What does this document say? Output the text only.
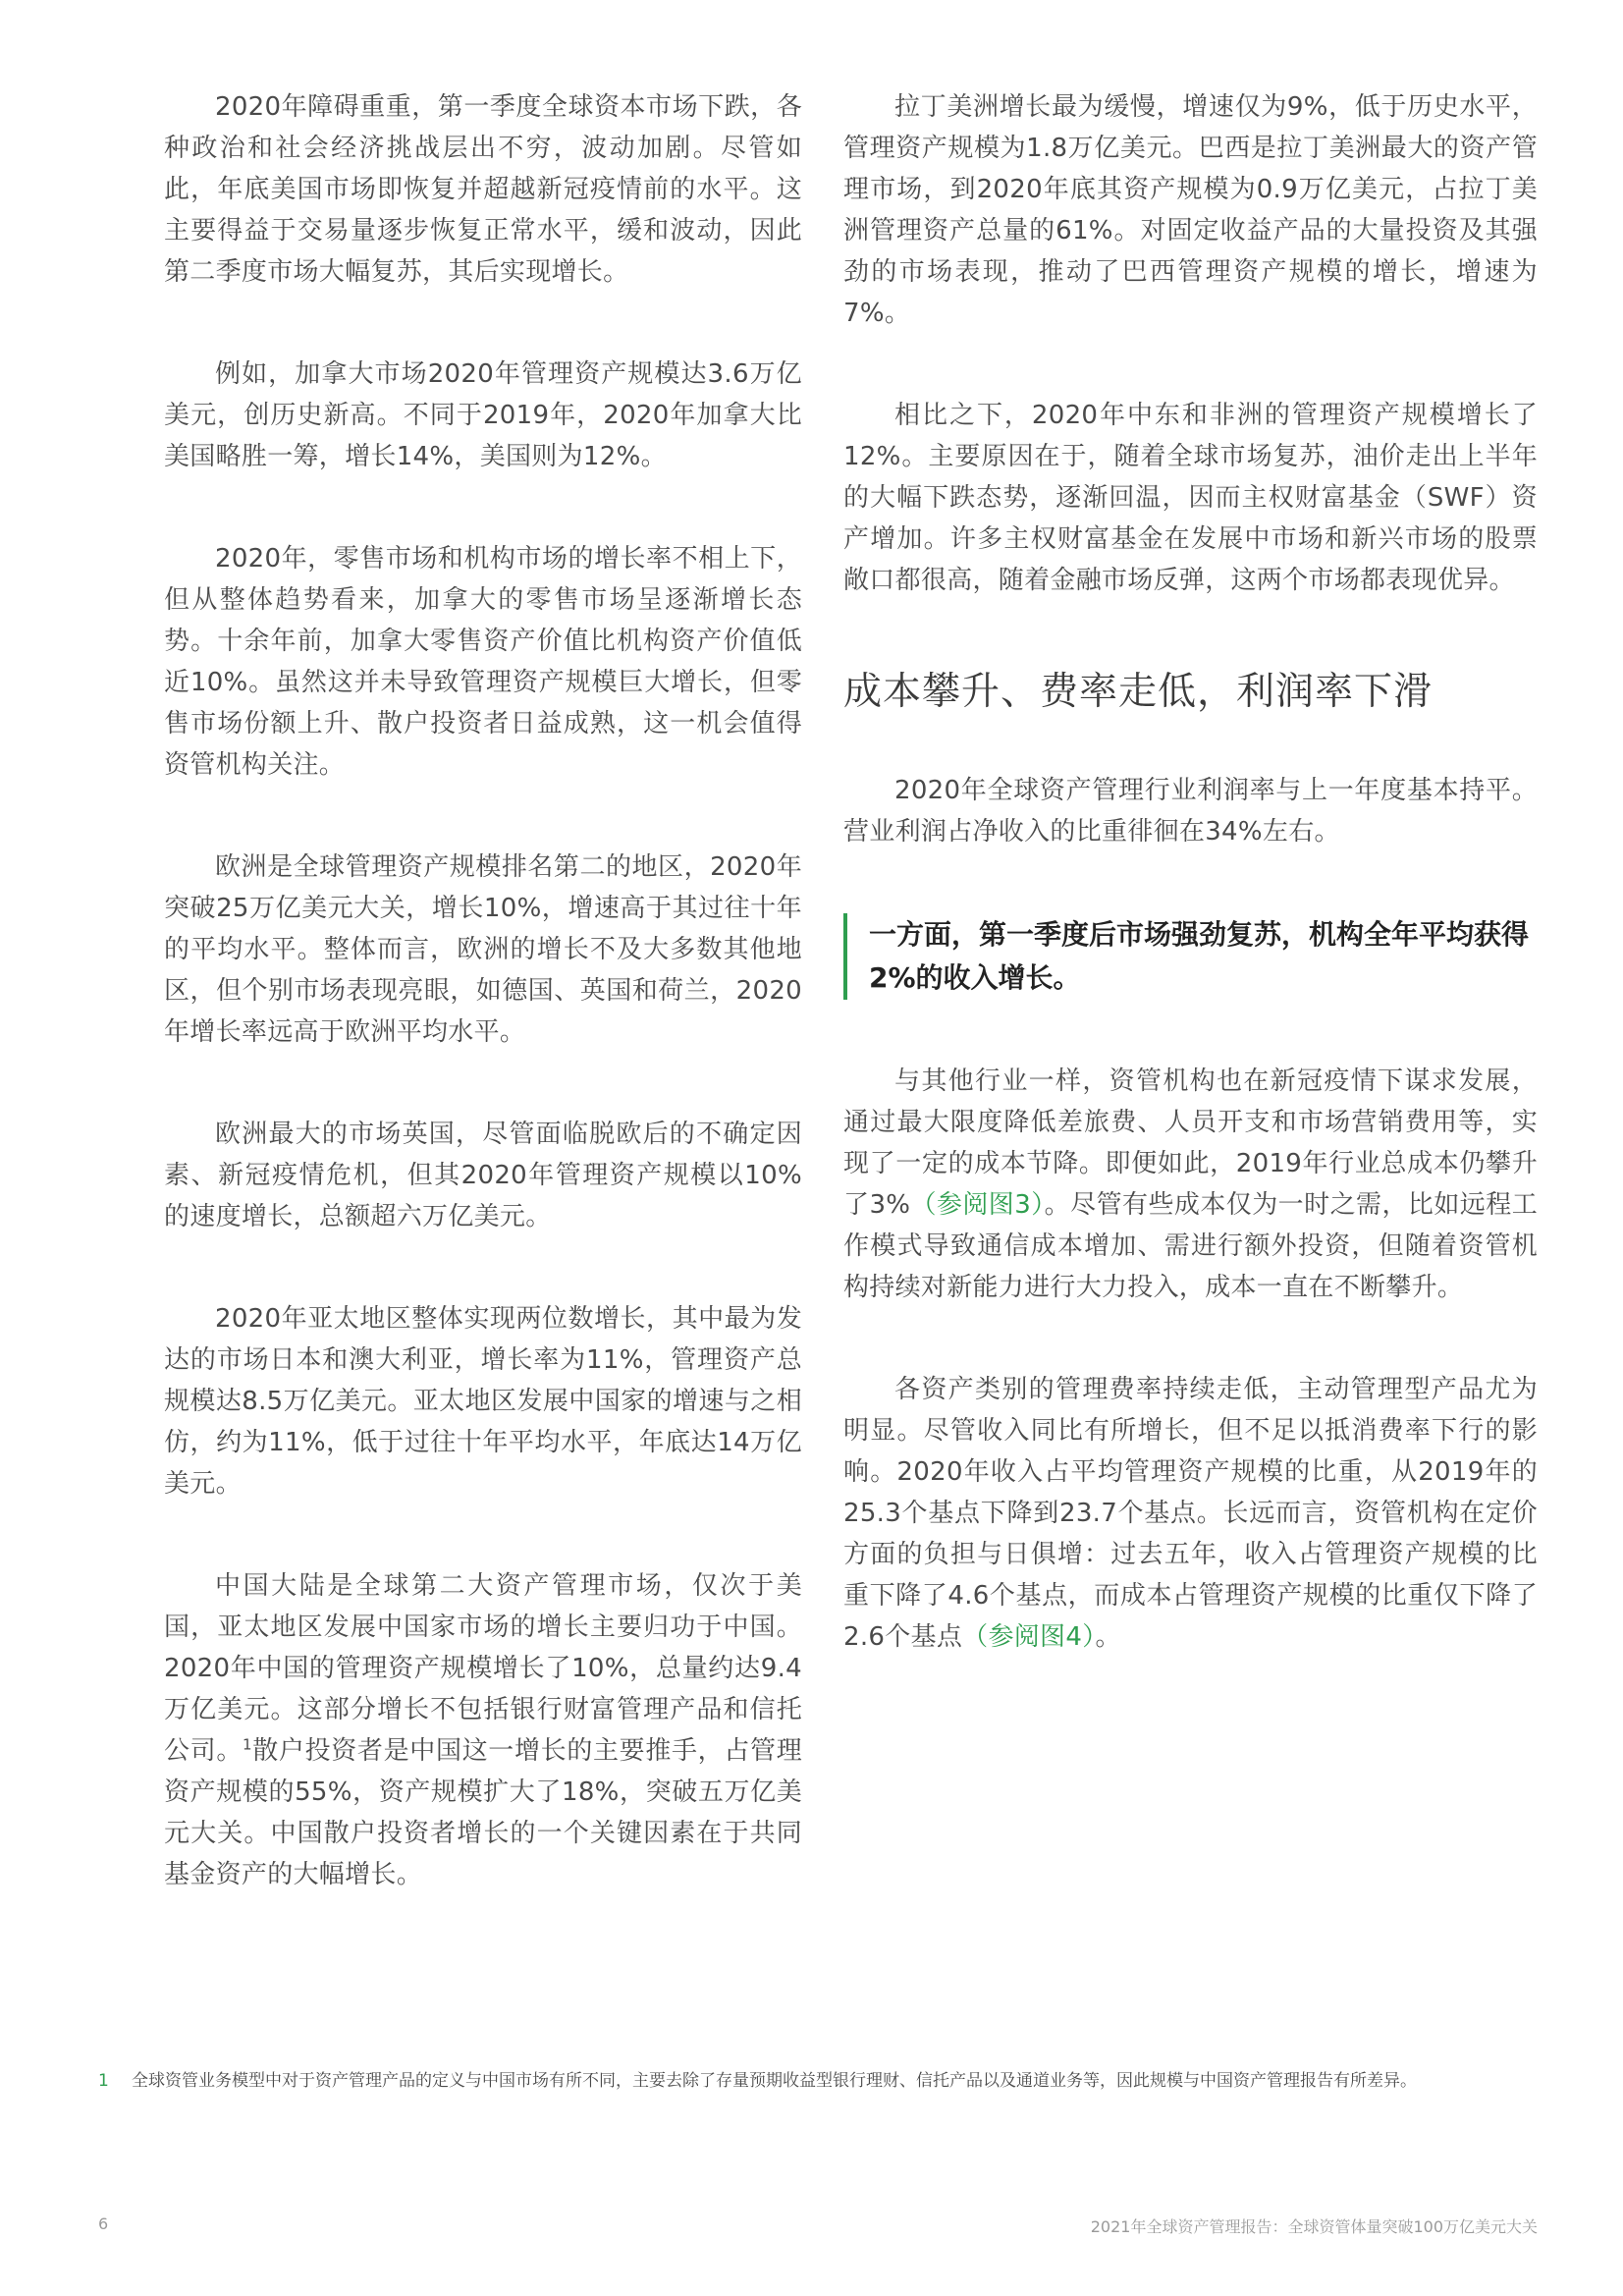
2020年障碍重重，第一季度全球资本市场下跌，各种政治和社会经济挑战层出不穷，波动加剧。尽管如此，年底美国市场即恢复并超越新冠疫情前的水平。这主要得益于交易量逐步恢复正常水平，缓和波动，因此第二季度市场大幅复苏，其后实现增长。

例如，加拿大市场2020年管理资产规模达3.6万亿美元，创历史新高。不同于2019年，2020年加拿大比美国略胜一筹，增长14%，美国则为12%。

2020年，零售市场和机构市场的增长率不相上下，但从整体趋势看来，加拿大的零售市场呈逐渐增长态势。十余年前，加拿大零售资产价值比机构资产价值低近10%。虽然这并未导致管理资产规模巨大增长，但零售市场份额上升、散户投资者日益成熟，这一机会值得资管机构关注。

欧洲是全球管理资产规模排名第二的地区，2020年突破25万亿美元大关，增长10%，增速高于其过往十年的平均水平。整体而言，欧洲的增长不及大多数其他地区，但个别市场表现亮眼，如德国、英国和荷兰，2020年增长率远高于欧洲平均水平。

欧洲最大的市场英国，尽管面临脱欧后的不确定因素、新冠疫情危机，但其2020年管理资产规模以10%的速度增长，总额超六万亿美元。

2020年亚太地区整体实现两位数增长，其中最为发达的市场日本和澳大利亚，增长率为11%，管理资产总规模达8.5万亿美元。亚太地区发展中国家的增速与之相仿，约为11%，低于过往十年平均水平，年底达14万亿美元。

中国大陆是全球第二大资产管理市场，仅次于美国，亚太地区发展中国家市场的增长主要归功于中国。2020年中国的管理资产规模增长了10%，总量约达9.4万亿美元。这部分增长不包括银行财富管理产品和信托公司。$^1$散户投资者是中国这一增长的主要推手，占管理资产规模的55%，资产规模扩大了18%，突破五万亿美元大关。中国散户投资者增长的一个关键因素在于共同基金资产的大幅增长。

拉丁美洲增长最为缓慢，增速仅为9%，低于历史水平，管理资产规模为1.8万亿美元。巴西是拉丁美洲最大的资产管理市场，到2020年底其资产规模为0.9万亿美元，占拉丁美洲管理资产总量的61%。对固定收益产品的大量投资及其强劲的市场表现，推动了巴西管理资产规模的增长，增速为7%。

相比之下，2020年中东和非洲的管理资产规模增长了12%。主要原因在于，随着全球市场复苏，油价走出上半年的大幅下跌态势，逐渐回温，因而主权财富基金（SWF）资产增加。许多主权财富基金在发展中市场和新兴市场的股票敞口都很高，随着金融市场反弹，这两个市场都表现优异。

成本攀升、费率走低，利润率下滑

2020年全球资产管理行业利润率与上一年度基本持平。营业利润占净收入的比重徘徊在34%左右。

一方面，第一季度后市场强劲复苏，机构全年平均获得2%的收入增长。

与其他行业一样，资管机构也在新冠疫情下谋求发展，通过最大限度降低差旅费、人员开支和市场营销费用等，实现了一定的成本节降。即便如此，2019年行业总成本仍攀升了3%（参阅图3）。尽管有些成本仅为一时之需，比如远程工作模式导致通信成本增加、需进行额外投资，但随着资管机构持续对新能力进行大力投入，成本一直在不断攀升。

各资产类别的管理费率持续走低，主动管理型产品尤为明显。尽管收入同比有所增长，但不足以抵消费率下行的影响。2020年收入占平均管理资产规模的比重，从2019年的25.3个基点下降到23.7个基点。长远而言，资管机构在定价方面的负担与日俱增：过去五年，收入占管理资产规模的比重下降了4.6个基点，而成本占管理资产规模的比重仅下降了2.6个基点（参阅图4）。

1 全球资管业务模型中对于资产管理产品的定义与中国市场有所不同，主要去除了存量预期收益型银行理财、信托产品以及通道业务等，因此规模与中国资产管理报告有所差异。
6	2021年全球资产管理报告：全球资管体量突破100万亿美元大关
